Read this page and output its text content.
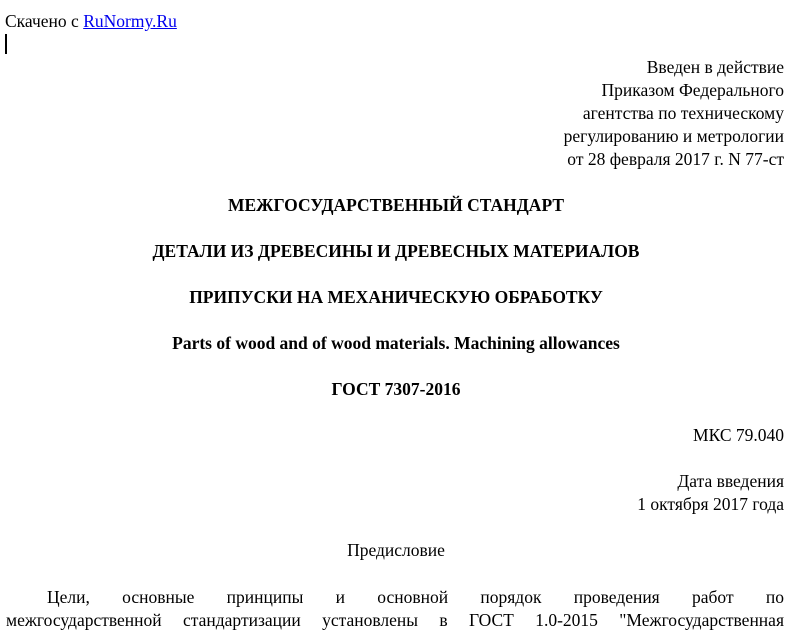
Скачено с RuNormy.Ru
Введен в действие
Приказом Федерального
агентства по техническому
регулированию и метрологии
от 28 февраля 2017 г. N 77-ст
МЕЖГОСУДАРСТВЕННЫЙ СТАНДАРТ
ДЕТАЛИ ИЗ ДРЕВЕСИНЫ И ДРЕВЕСНЫХ МАТЕРИАЛОВ
ПРИПУСКИ НА МЕХАНИЧЕСКУЮ ОБРАБОТКУ
Parts of wood and of wood materials. Machining allowances
ГОСТ 7307-2016
МКС 79.040
Дата введения
1 октября 2017 года
Предисловие
Цели, основные принципы и основной порядок проведения работ по
межгосударственной стандартизации установлены в ГОСТ 1.0-2015 "Межгосударственная
